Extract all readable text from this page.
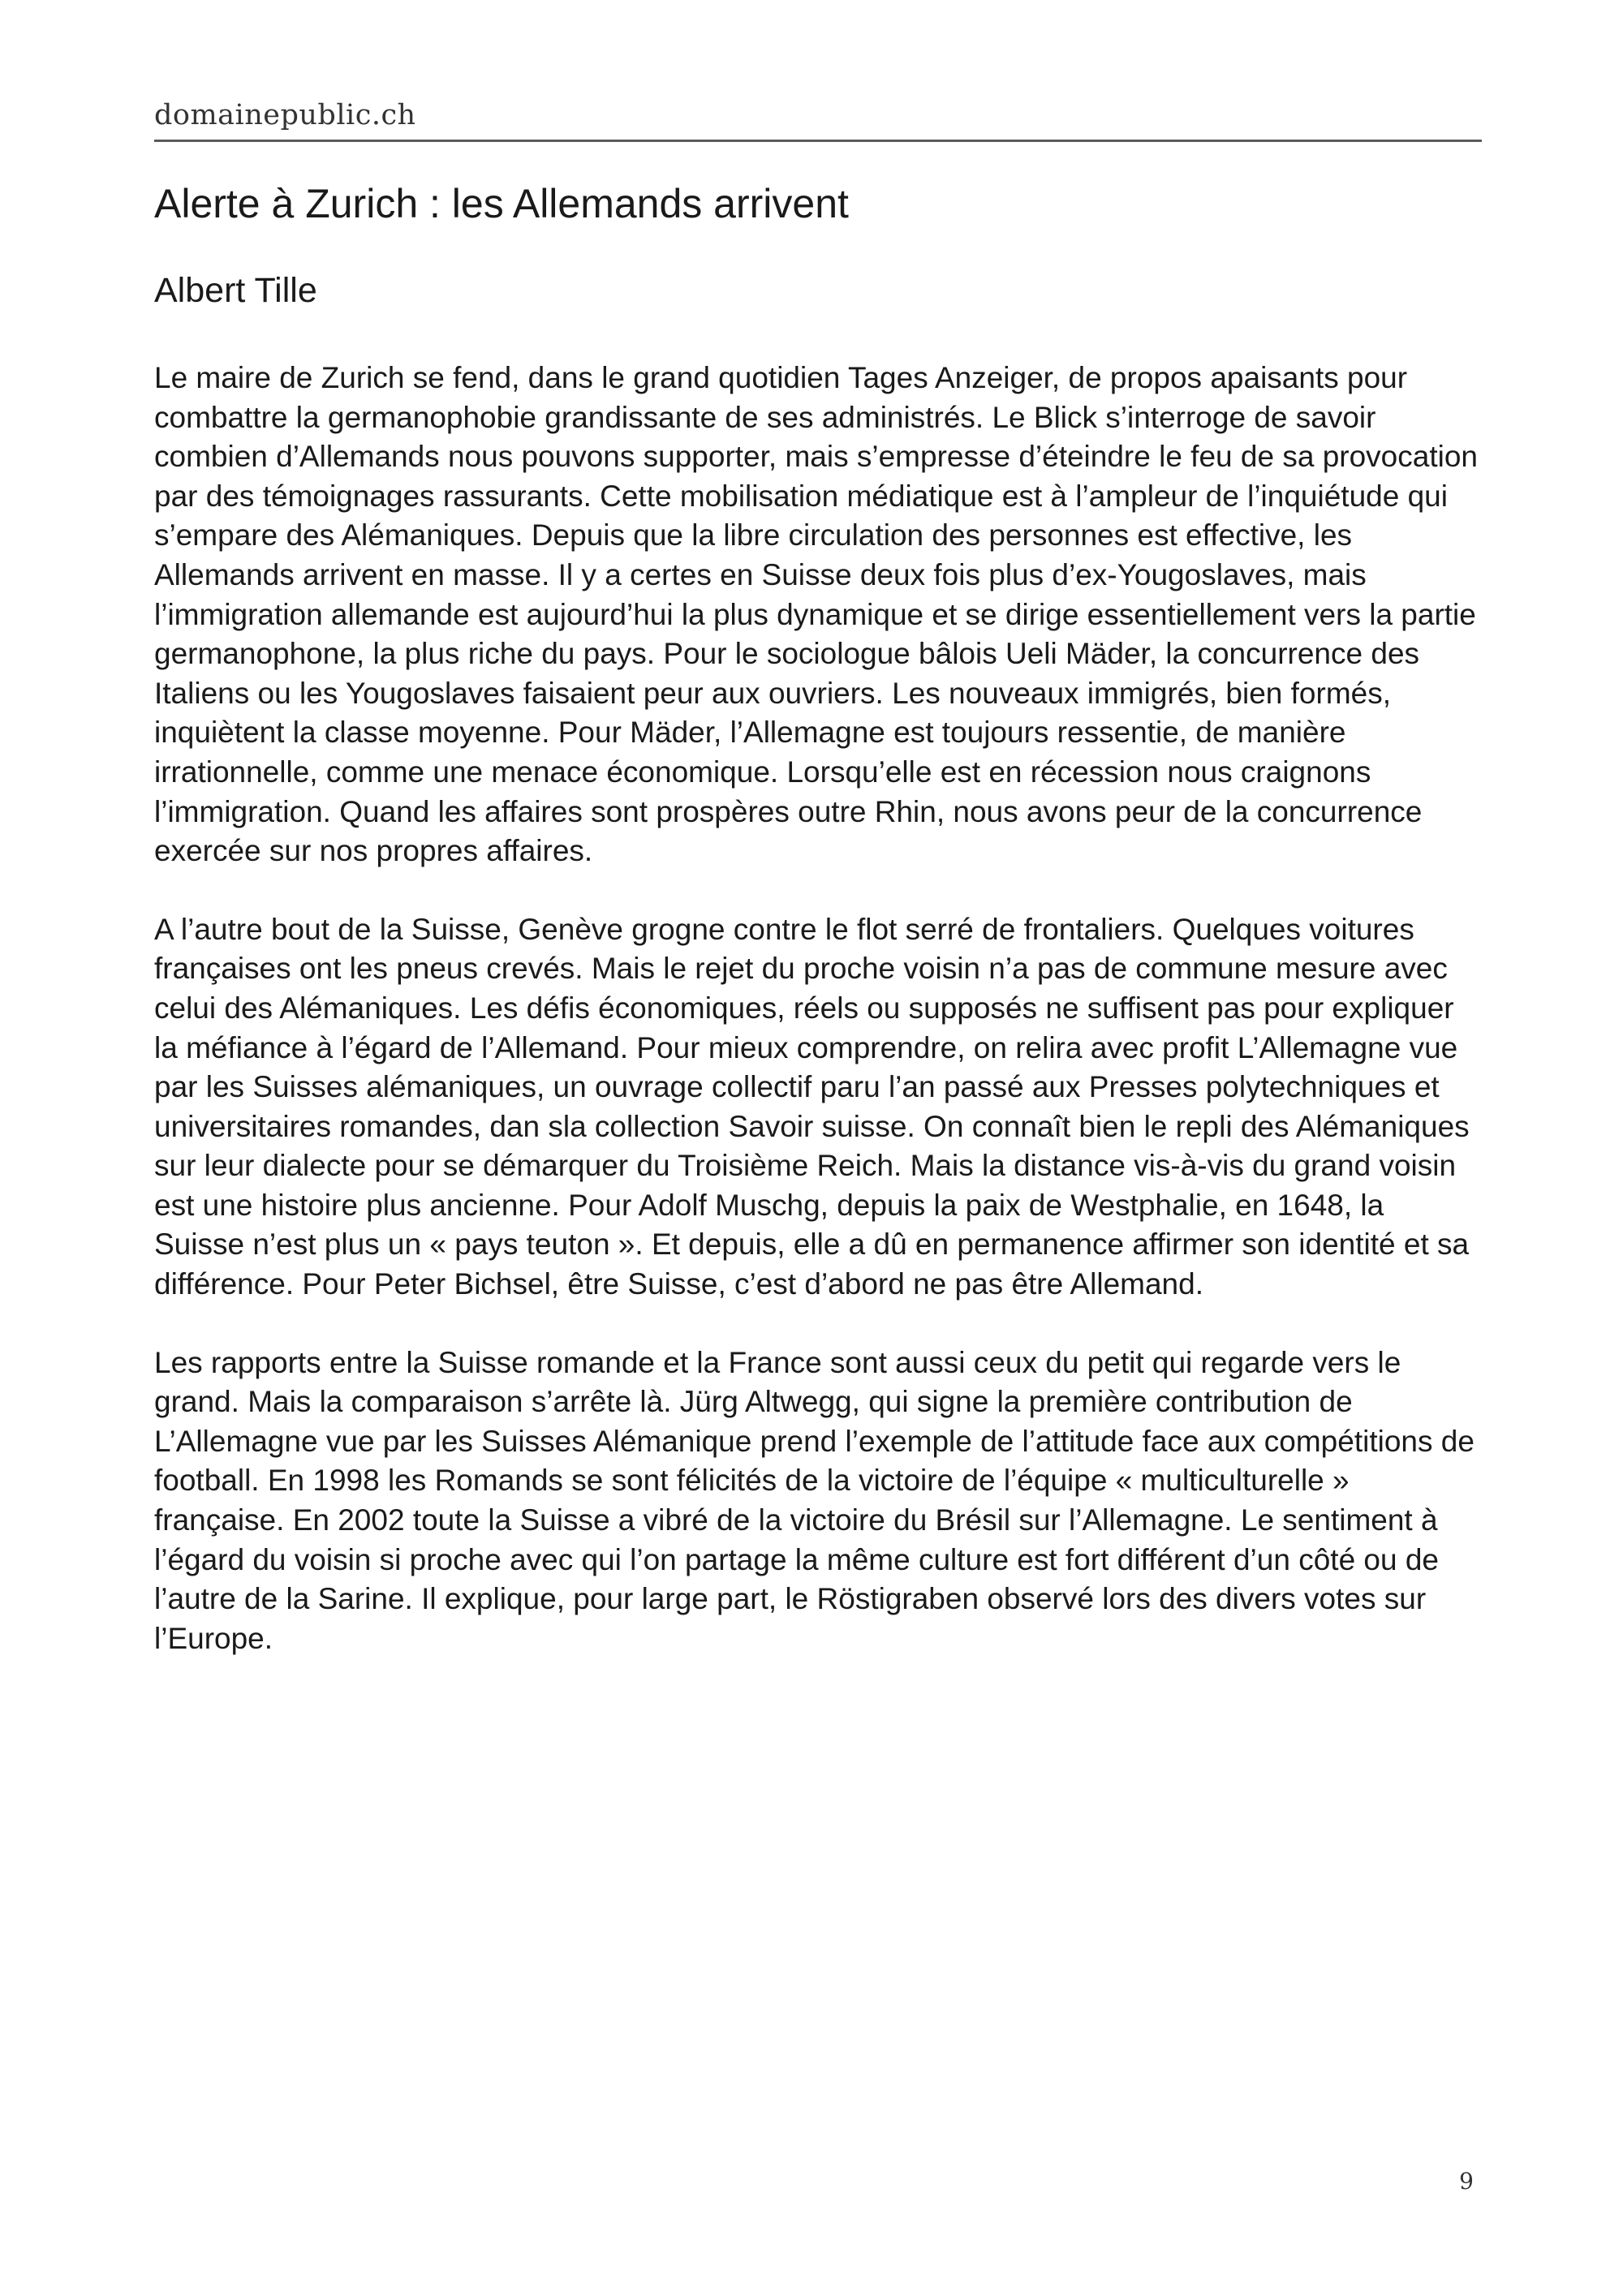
domainepublic.ch
Alerte à Zurich : les Allemands arrivent
Albert Tille

Le maire de Zurich se fend, dans le grand quotidien Tages Anzeiger, de propos apaisants pour combattre la germanophobie grandissante de ses administrés. Le Blick s’interroge de savoir combien d’Allemands nous pouvons supporter, mais s’empresse d’éteindre le feu de sa provocation par des témoignages rassurants. Cette mobilisation médiatique est à l’ampleur de l’inquiétude qui s’empare des Alémaniques. Depuis que la libre circulation des personnes est effective, les Allemands arrivent en masse. Il y a certes en Suisse deux fois plus d’ex-Yougoslaves, mais l’immigration allemande est aujourd’hui la plus dynamique et se dirige essentiellement vers la partie germanophone, la plus riche du pays. Pour le sociologue bâlois Ueli Mäder, la concurrence des Italiens ou les Yougoslaves faisaient peur aux ouvriers. Les nouveaux immigrés, bien formés, inquiètent la classe moyenne. Pour Mäder, l’Allemagne est toujours ressentie, de manière irrationnelle, comme une menace économique. Lorsqu’elle est en récession nous craignons l’immigration. Quand les affaires sont prospères outre Rhin, nous avons peur de la concurrence exercée sur nos propres affaires.

A l’autre bout de la Suisse, Genève grogne contre le flot serré de frontaliers. Quelques voitures françaises ont les pneus crevés. Mais le rejet du proche voisin n’a pas de commune mesure avec celui des Alémaniques. Les défis économiques, réels ou supposés ne suffisent pas pour expliquer la méfiance à l’égard de l’Allemand. Pour mieux comprendre, on relira avec profit L’Allemagne vue par les Suisses alémaniques, un ouvrage collectif paru l’an passé aux Presses polytechniques et universitaires romandes, dan sla collection Savoir suisse. On connaît bien le repli des Alémaniques sur leur dialecte pour se démarquer du Troisième Reich. Mais la distance vis-à-vis du grand voisin est une histoire plus ancienne. Pour Adolf Muschg, depuis la paix de Westphalie, en 1648, la Suisse n’est plus un « pays teuton ». Et depuis, elle a dû en permanence affirmer son identité et sa différence. Pour Peter Bichsel, être Suisse, c’est d’abord ne pas être Allemand.

Les rapports entre la Suisse romande et la France sont aussi ceux du petit qui regarde vers le grand. Mais la comparaison s’arrête là. Jürg Altwegg, qui signe la première contribution de L’Allemagne vue par les Suisses Alémanique prend l’exemple de l’attitude face aux compétitions de football. En 1998 les Romands se sont félicités de la victoire de l’équipe « multiculturelle » française. En 2002 toute la Suisse a vibré de la victoire du Brésil sur l’Allemagne. Le sentiment à l’égard du voisin si proche avec qui l’on partage la même culture est fort différent d’un côté ou de l’autre de la Sarine. Il explique, pour large part, le Röstigraben observé lors des divers votes sur l’Europe.

9
